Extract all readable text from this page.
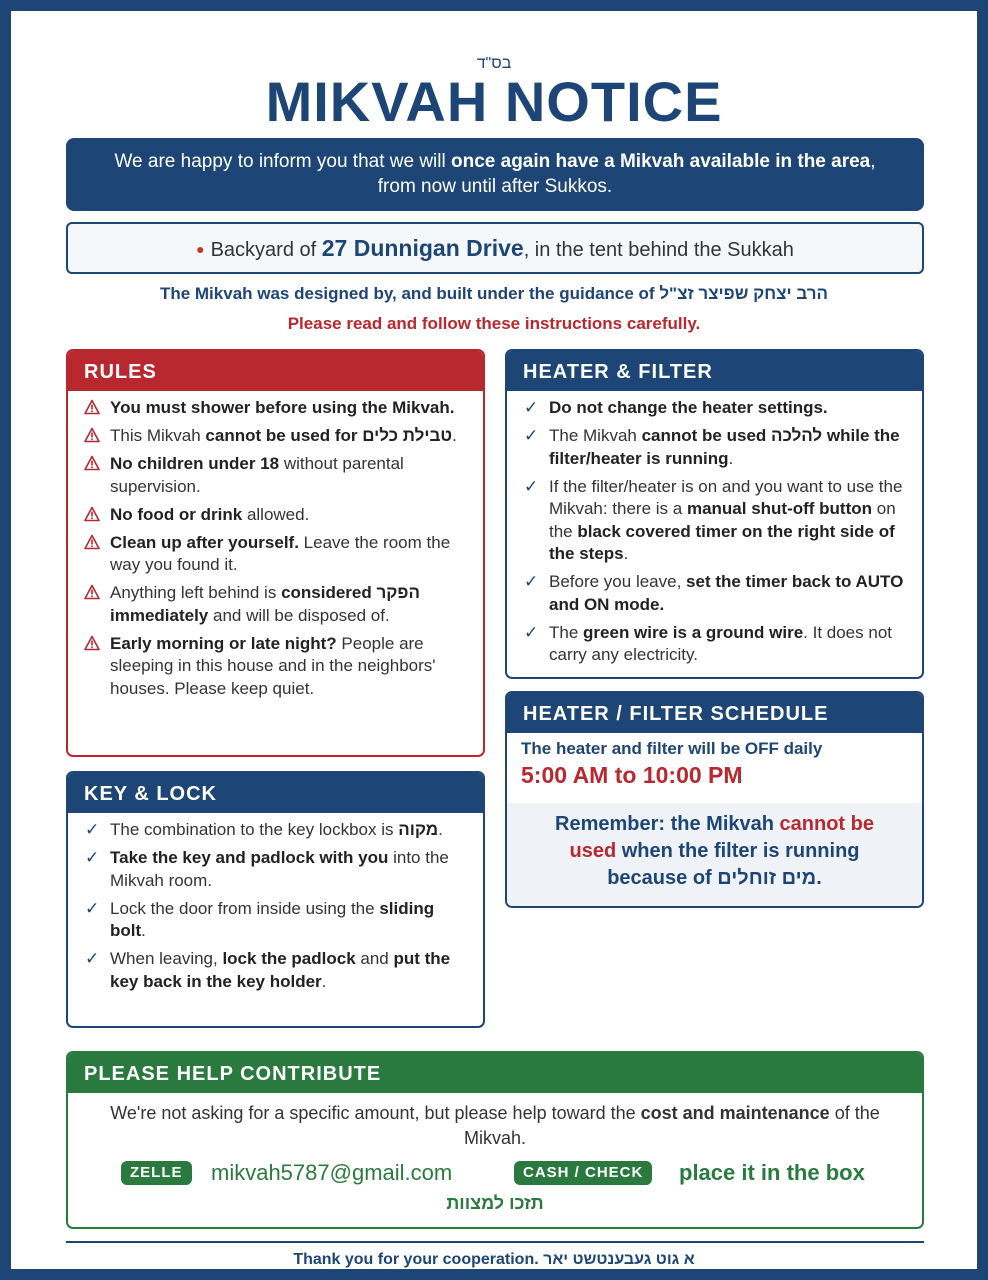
בס"ד
MIKVAH NOTICE
We are happy to inform you that we will once again have a Mikvah available in the area,
from now until after Sukkos.
● Backyard of 27 Dunnigan Drive, in the tent behind the Sukkah
The Mikvah was designed by, and built under the guidance of הרב יצחק שפיצר זצ"ל
Please read and follow these instructions carefully.
RULES
You must shower before using the Mikvah.
This Mikvah cannot be used for טבילת כלים.
No children under 18 without parental supervision.
No food or drink allowed.
Clean up after yourself. Leave the room the way you found it.
Anything left behind is considered הפקר immediately and will be disposed of.
Early morning or late night? People are sleeping in this house and in the neighbors' houses. Please keep quiet.
HEATER & FILTER
✓ Do not change the heater settings.
✓ The Mikvah cannot be used להלכה while the filter/heater is running.
✓ If the filter/heater is on and you want to use the Mikvah: there is a manual shut-off button on the black covered timer on the right side of the steps.
✓ Before you leave, set the timer back to AUTO and ON mode.
✓ The green wire is a ground wire. It does not carry any electricity.
HEATER / FILTER SCHEDULE
The heater and filter will be OFF daily
5:00 AM to 10:00 PM
Remember: the Mikvah cannot be used when the filter is running because of מים זוחלים.
KEY & LOCK
✓ The combination to the key lockbox is מקוה.
✓ Take the key and padlock with you into the Mikvah room.
✓ Lock the door from inside using the sliding bolt.
✓ When leaving, lock the padlock and put the key back in the key holder.
PLEASE HELP CONTRIBUTE
We're not asking for a specific amount, but please help toward the cost and maintenance of the Mikvah.
ZELLE	mikvah5787@gmail.com	CASH / CHECK	place it in the box
תזכו למצוות
Thank you for your cooperation. א גוט געבענטשט יאר
